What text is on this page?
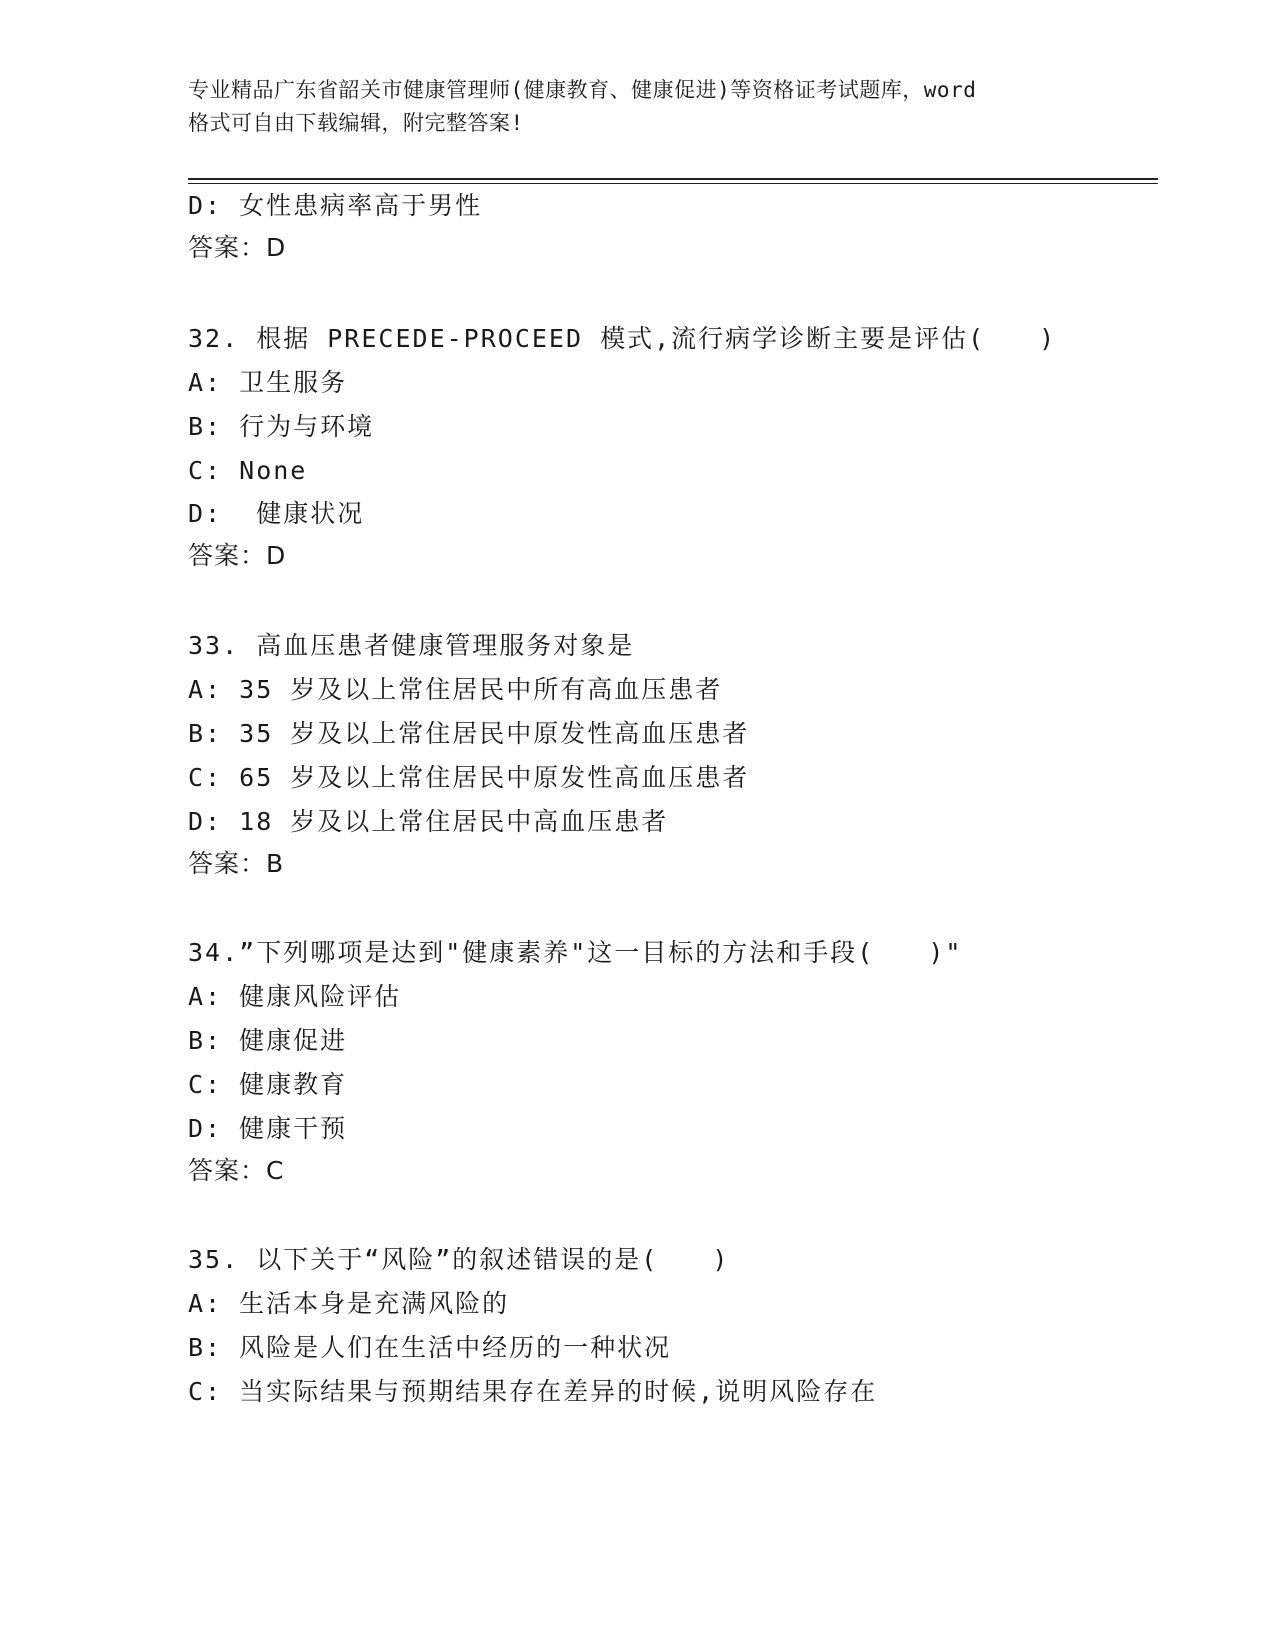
专业精品广东省韶关市健康管理师(健康教育、健康促进)等资格证考试题库，word
格式可自由下载编辑，附完整答案!
D: 女性患病率高于男性
答案：D
32. 根据 PRECEDE-PROCEED 模式,流行病学诊断主要是评估(　　)
A: 卫生服务
B: 行为与环境
C: None
D:  健康状况
答案：D
33. 高血压患者健康管理服务对象是
A: 35 岁及以上常住居民中所有高血压患者
B: 35 岁及以上常住居民中原发性高血压患者
C: 65 岁及以上常住居民中原发性高血压患者
D: 18 岁及以上常住居民中高血压患者
答案：B
34.”下列哪项是达到"健康素养"这一目标的方法和手段(　　)"
A: 健康风险评估
B: 健康促进
C: 健康教育
D: 健康干预
答案：C
35. 以下关于“风险”的叙述错误的是(　　)
A: 生活本身是充满风险的
B: 风险是人们在生活中经历的一种状况
C: 当实际结果与预期结果存在差异的时候,说明风险存在
